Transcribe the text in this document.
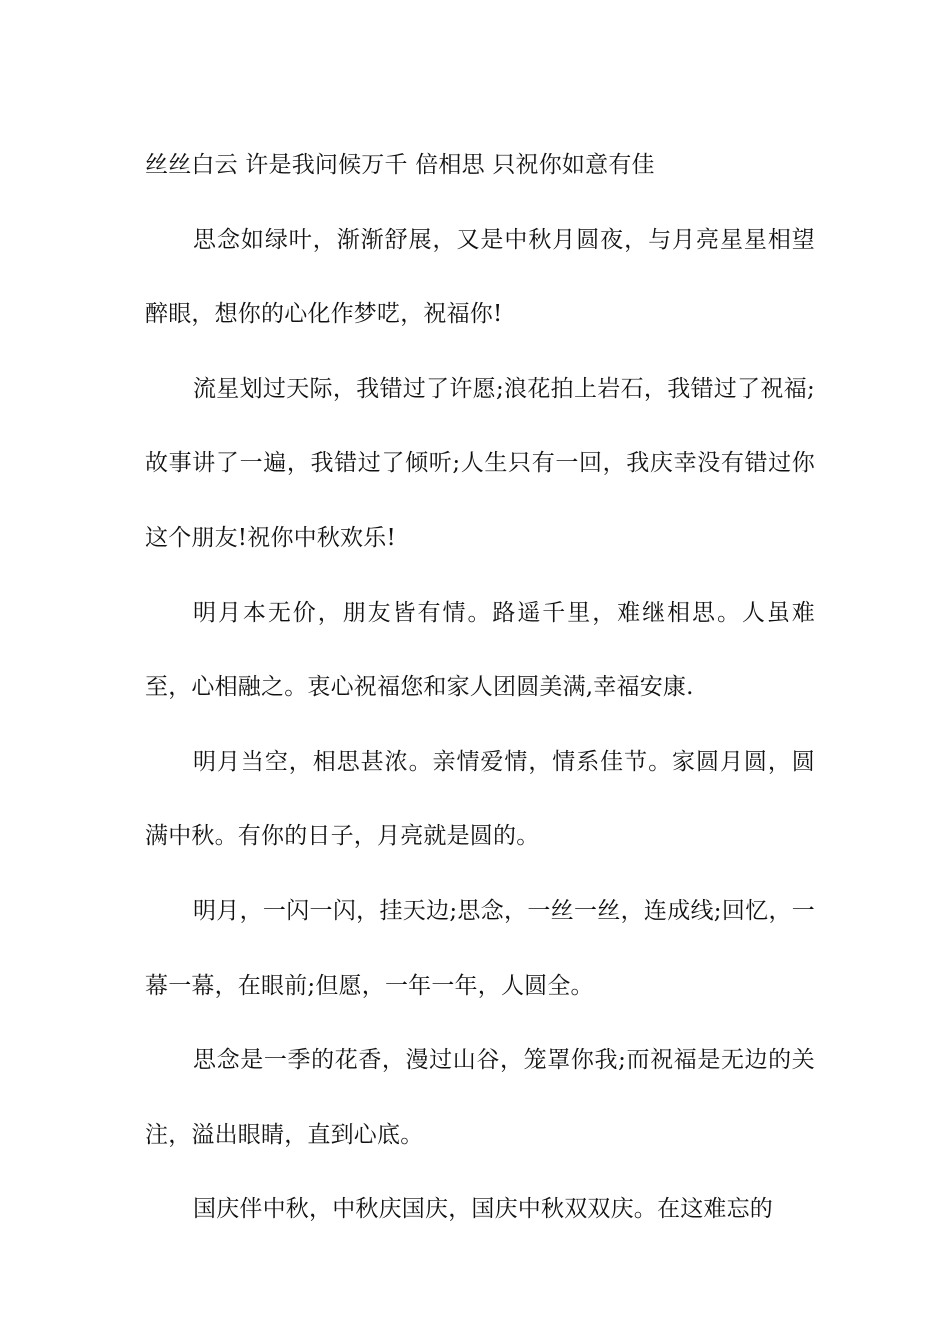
丝丝白云 许是我问候万千 倍相思 只祝你如意有佳

思念如绿叶，渐渐舒展，又是中秋月圆夜，与月亮星星相望醉眼，想你的心化作梦呓，祝福你!

流星划过天际，我错过了许愿;浪花拍上岩石，我错过了祝福;故事讲了一遍，我错过了倾听;人生只有一回，我庆幸没有错过你这个朋友!祝你中秋欢乐!

明月本无价，朋友皆有情。路遥千里，难继相思。人虽难至，心相融之。衷心祝福您和家人团圆美满,幸福安康.

明月当空，相思甚浓。亲情爱情，情系佳节。家圆月圆，圆满中秋。有你的日子，月亮就是圆的。

明月，一闪一闪，挂天边;思念，一丝一丝，连成线;回忆，一幕一幕，在眼前;但愿，一年一年，人圆全。

思念是一季的花香，漫过山谷，笼罩你我;而祝福是无边的关注，溢出眼睛，直到心底。

国庆伴中秋，中秋庆国庆，国庆中秋双双庆。在这难忘的
